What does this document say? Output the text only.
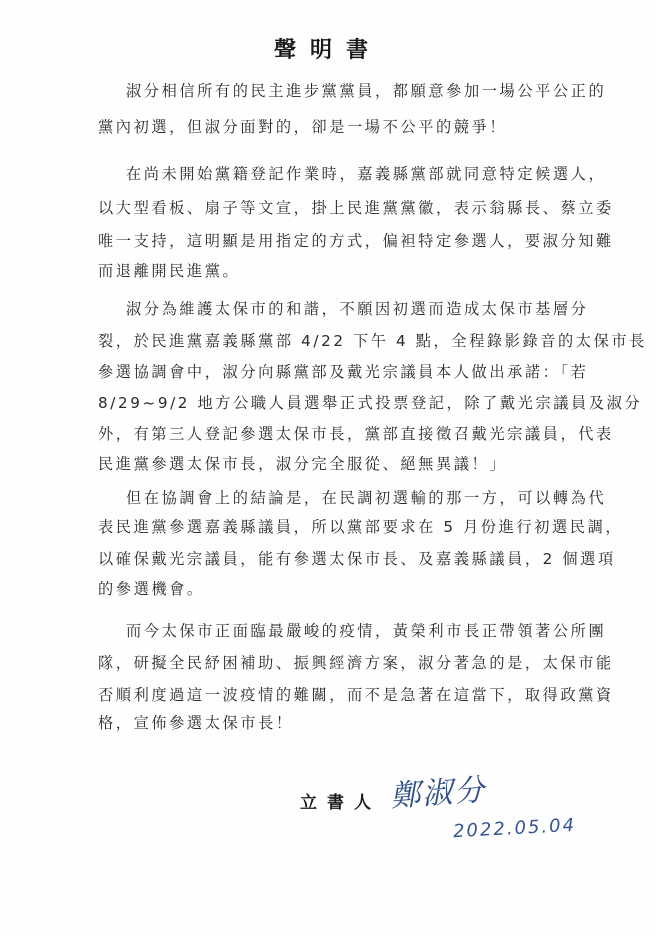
聲明書
淑分相信所有的民主進步黨黨員，都願意參加一場公平公正的
黨內初選，但淑分面對的，卻是一場不公平的競爭！
在尚未開始黨籍登記作業時，嘉義縣黨部就同意特定候選人，
以大型看板、扇子等文宣，掛上民進黨黨徽，表示翁縣長、蔡立委
唯一支持，這明顯是用指定的方式，偏袒特定參選人，要淑分知難
而退離開民進黨。
淑分為維護太保市的和諧，不願因初選而造成太保市基層分
裂，於民進黨嘉義縣黨部 4/22 下午 4 點，全程錄影錄音的太保市長
參選協調會中，淑分向縣黨部及戴光宗議員本人做出承諾：「若
8/29~9/2 地方公職人員選舉正式投票登記，除了戴光宗議員及淑分
外，有第三人登記參選太保市長，黨部直接徵召戴光宗議員，代表
民進黨參選太保市長，淑分完全服從、絕無異議！」
但在協調會上的結論是，在民調初選輸的那一方，可以轉為代
表民進黨參選嘉義縣議員，所以黨部要求在 5 月份進行初選民調，
以確保戴光宗議員，能有參選太保市長、及嘉義縣議員，2 個選項
的參選機會。
而今太保市正面臨最嚴峻的疫情，黃榮利市長正帶領著公所團
隊，研擬全民紓困補助、振興經濟方案，淑分著急的是，太保市能
否順利度過這一波疫情的難關，而不是急著在這當下，取得政黨資
格，宣佈參選太保市長！
立書人 鄭淑分
2022.05.04
